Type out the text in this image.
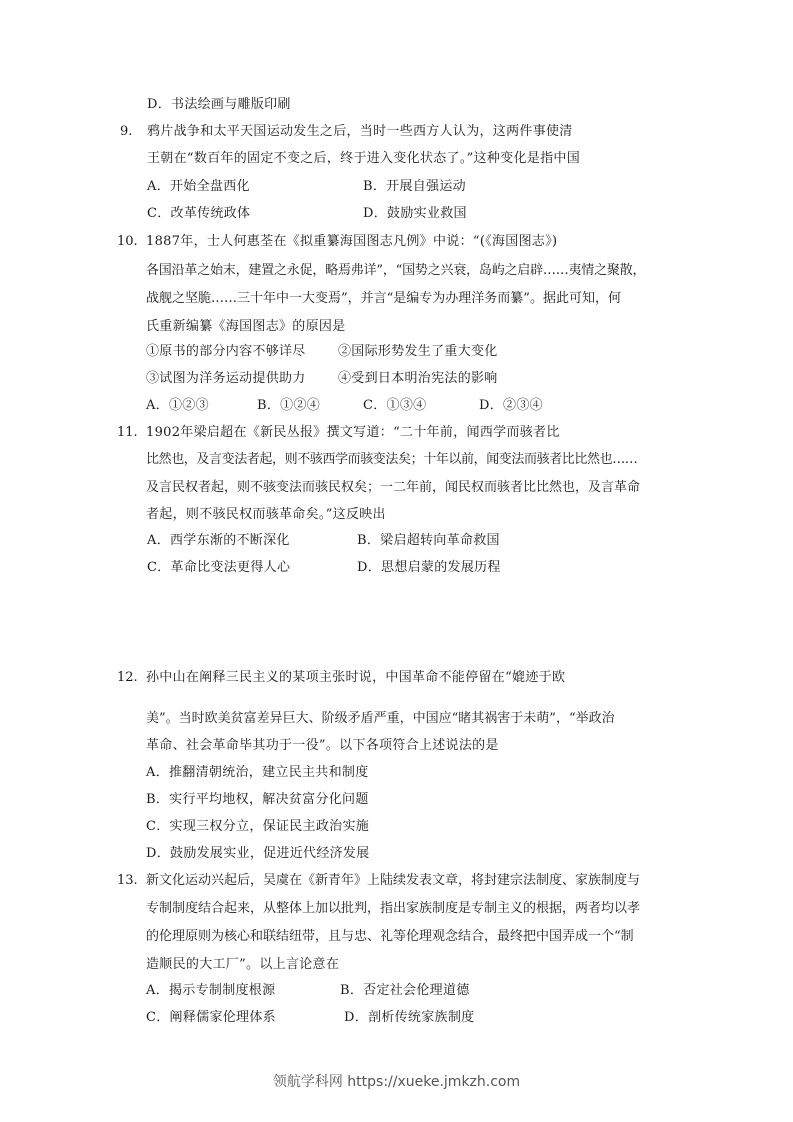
D．书法绘画与雕版印刷
9. 鸦片战争和太平天国运动发生之后，当时一些西方人认为，这两件事使清
王朝在“数百年的固定不变之后，终于进入变化状态了。”这种变化是指中国
A．开始全盘西化	B．开展自强运动
C．改革传统政体	D．鼓励实业救国
10. 1887年，士人何惠荃在《拟重纂海国图志凡例》中说：“(《海国图志》)
各国沿革之始末，建置之永促，略焉弗详”，“国势之兴衰，岛屿之启辟……夷情之聚散，
战舰之坚脆……三十年中一大变焉”，并言“是编专为办理洋务而纂”。据此可知，何
氏重新编纂《海国图志》的原因是
①原书的部分内容不够详尽 ②国际形势发生了重大变化
③试图为洋务运动提供助力 ④受到日本明治宪法的影响
A．①②③	B．①②④	C．①③④	D．②③④
11. 1902年梁启超在《新民丛报》撰文写道：“二十年前，闻西学而骇者比
比然也，及言变法者起，则不骇西学而骇变法矣；十年以前，闻变法而骇者比比然也……
及言民权者起，则不骇变法而骇民权矣；一二年前，闻民权而骇者比比然也，及言革命
者起，则不骇民权而骇革命矣。”这反映出
A．西学东渐的不断深化	B．梁启超转向革命救国
C．革命比变法更得人心	D．思想启蒙的发展历程
12. 孙中山在阐释三民主义的某项主张时说，中国革命不能停留在“媲迹于欧
美”。当时欧美贫富差异巨大、阶级矛盾严重，中国应“睹其祸害于未萌”，“举政治
革命、社会革命毕其功于一役”。以下各项符合上述说法的是
A．推翻清朝统治，建立民主共和制度
B．实行平均地权，解决贫富分化问题
C．实现三权分立，保证民主政治实施
D．鼓励发展实业，促进近代经济发展
13. 新文化运动兴起后，吴虞在《新青年》上陆续发表文章，将封建宗法制度、家族制度与
专制制度结合起来，从整体上加以批判，指出家族制度是专制主义的根据，两者均以孝
的伦理原则为核心和联结纽带，且与忠、礼等伦理观念结合，最终把中国弄成一个“制
造顺民的大工厂”。以上言论意在
A．揭示专制制度根源	B．否定社会伦理道德
C．阐释儒家伦理体系	D．剖析传统家族制度
领航学科网 https://xueke.jmkzh.com
